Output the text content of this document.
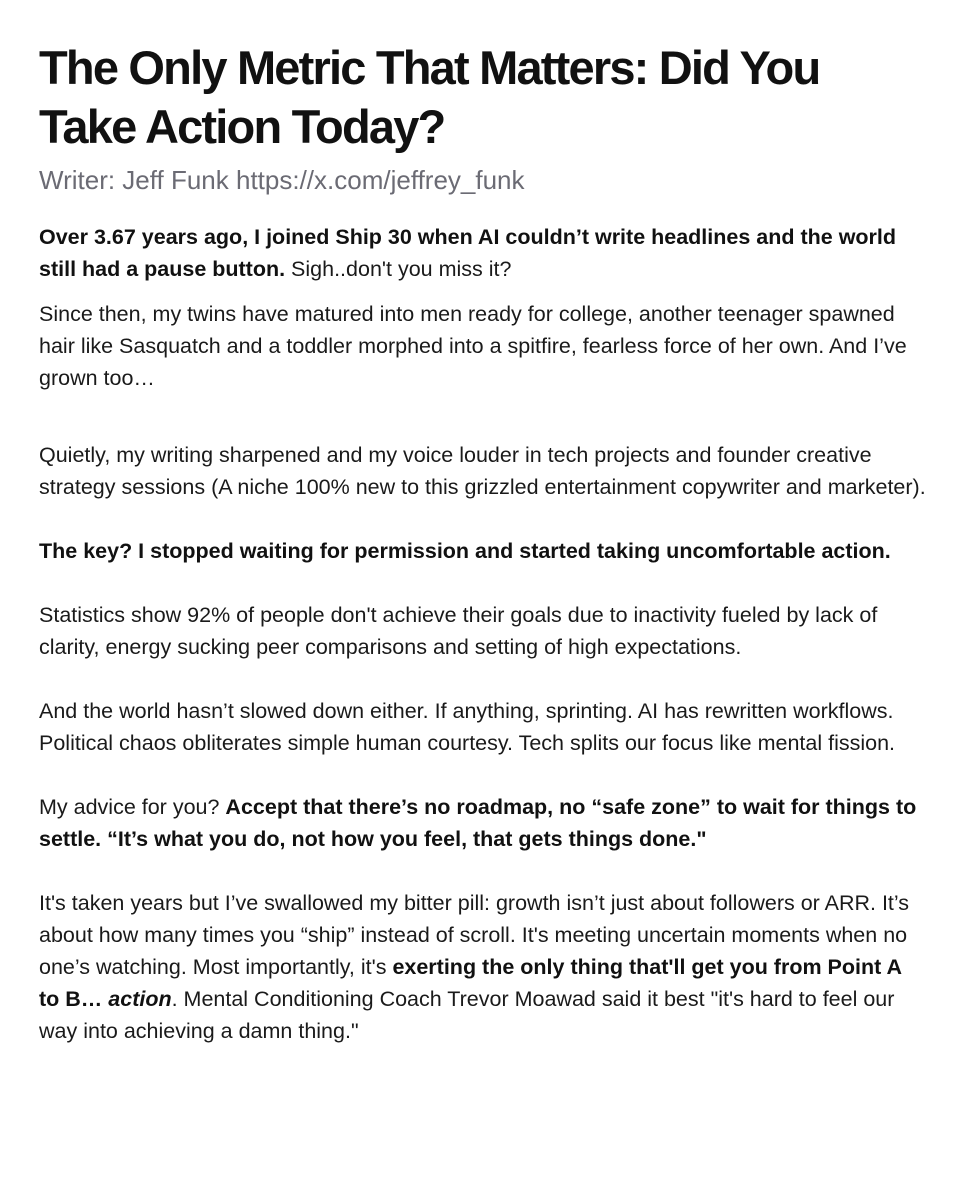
The Only Metric That Matters: Did You Take Action Today?

Writer: Jeff Funk https://x.com/jeffrey_funk

Over 3.67 years ago, I joined Ship 30 when AI couldn’t write headlines and the world still had a pause button. Sigh..don't you miss it?

Since then, my twins have matured into men ready for college, another teenager spawned hair like Sasquatch and a toddler morphed into a spitfire, fearless force of her own. And I’ve grown too…

Quietly, my writing sharpened and my voice louder in tech projects and founder creative strategy sessions (A niche 100% new to this grizzled entertainment copywriter and marketer).

The key? I stopped waiting for permission and started taking uncomfortable action.

Statistics show 92% of people don't achieve their goals due to inactivity fueled by lack of clarity, energy sucking peer comparisons and setting of high expectations.

And the world hasn’t slowed down either. If anything, sprinting. AI has rewritten workflows. Political chaos obliterates simple human courtesy. Tech splits our focus like mental fission.

My advice for you? Accept that there’s no roadmap, no “safe zone” to wait for things to settle. “It’s what you do, not how you feel, that gets things done."

It's taken years but I’ve swallowed my bitter pill: growth isn’t just about followers or ARR. It’s about how many times you “ship” instead of scroll. It's meeting uncertain moments when no one’s watching. Most importantly, it's exerting the only thing that'll get you from Point A to B… action. Mental Conditioning Coach Trevor Moawad said it best "it's hard to feel our way into achieving a damn thing."
